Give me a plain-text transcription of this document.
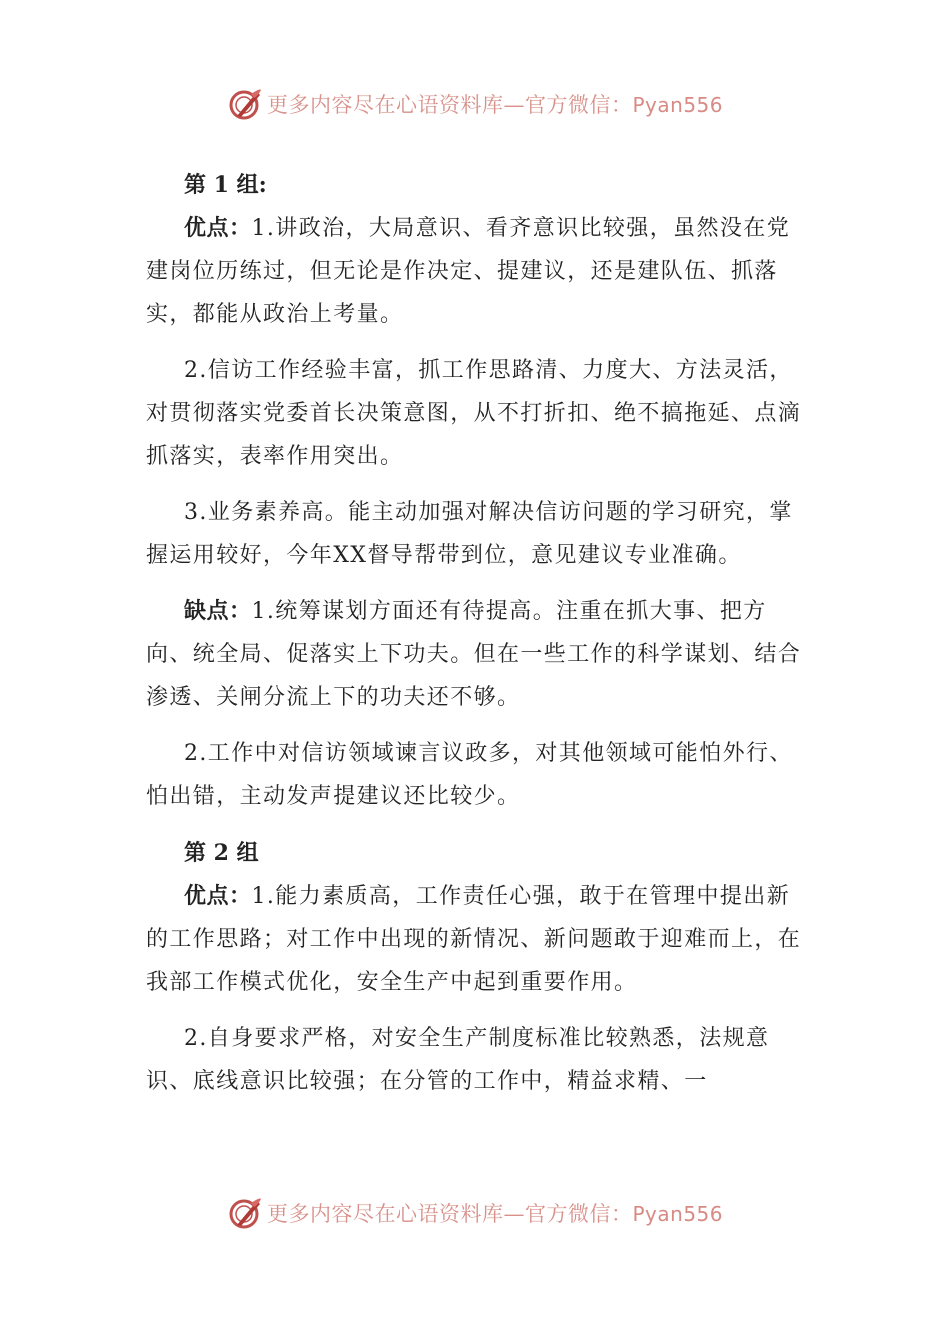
更多内容尽在心语资料库—官方微信：Pyan556
第 1 组:
优点：1.讲政治，大局意识、看齐意识比较强，虽然没在党建岗位历练过，但无论是作决定、提建议，还是建队伍、抓落实，都能从政治上考量。
2.信访工作经验丰富，抓工作思路清、力度大、方法灵活，对贯彻落实党委首长决策意图，从不打折扣、绝不搞拖延、点滴抓落实，表率作用突出。
3.业务素养高。能主动加强对解决信访问题的学习研究，掌握运用较好，今年XX督导帮带到位，意见建议专业准确。
缺点：1.统筹谋划方面还有待提高。注重在抓大事、把方向、统全局、促落实上下功夫。但在一些工作的科学谋划、结合渗透、关闸分流上下的功夫还不够。
2.工作中对信访领域谏言议政多，对其他领域可能怕外行、怕出错，主动发声提建议还比较少。
第 2 组
优点：1.能力素质高，工作责任心强，敢于在管理中提出新的工作思路；对工作中出现的新情况、新问题敢于迎难而上，在我部工作模式优化，安全生产中起到重要作用。
2.自身要求严格，对安全生产制度标准比较熟悉，法规意识、底线意识比较强；在分管的工作中，精益求精、一
更多内容尽在心语资料库—官方微信：Pyan556
